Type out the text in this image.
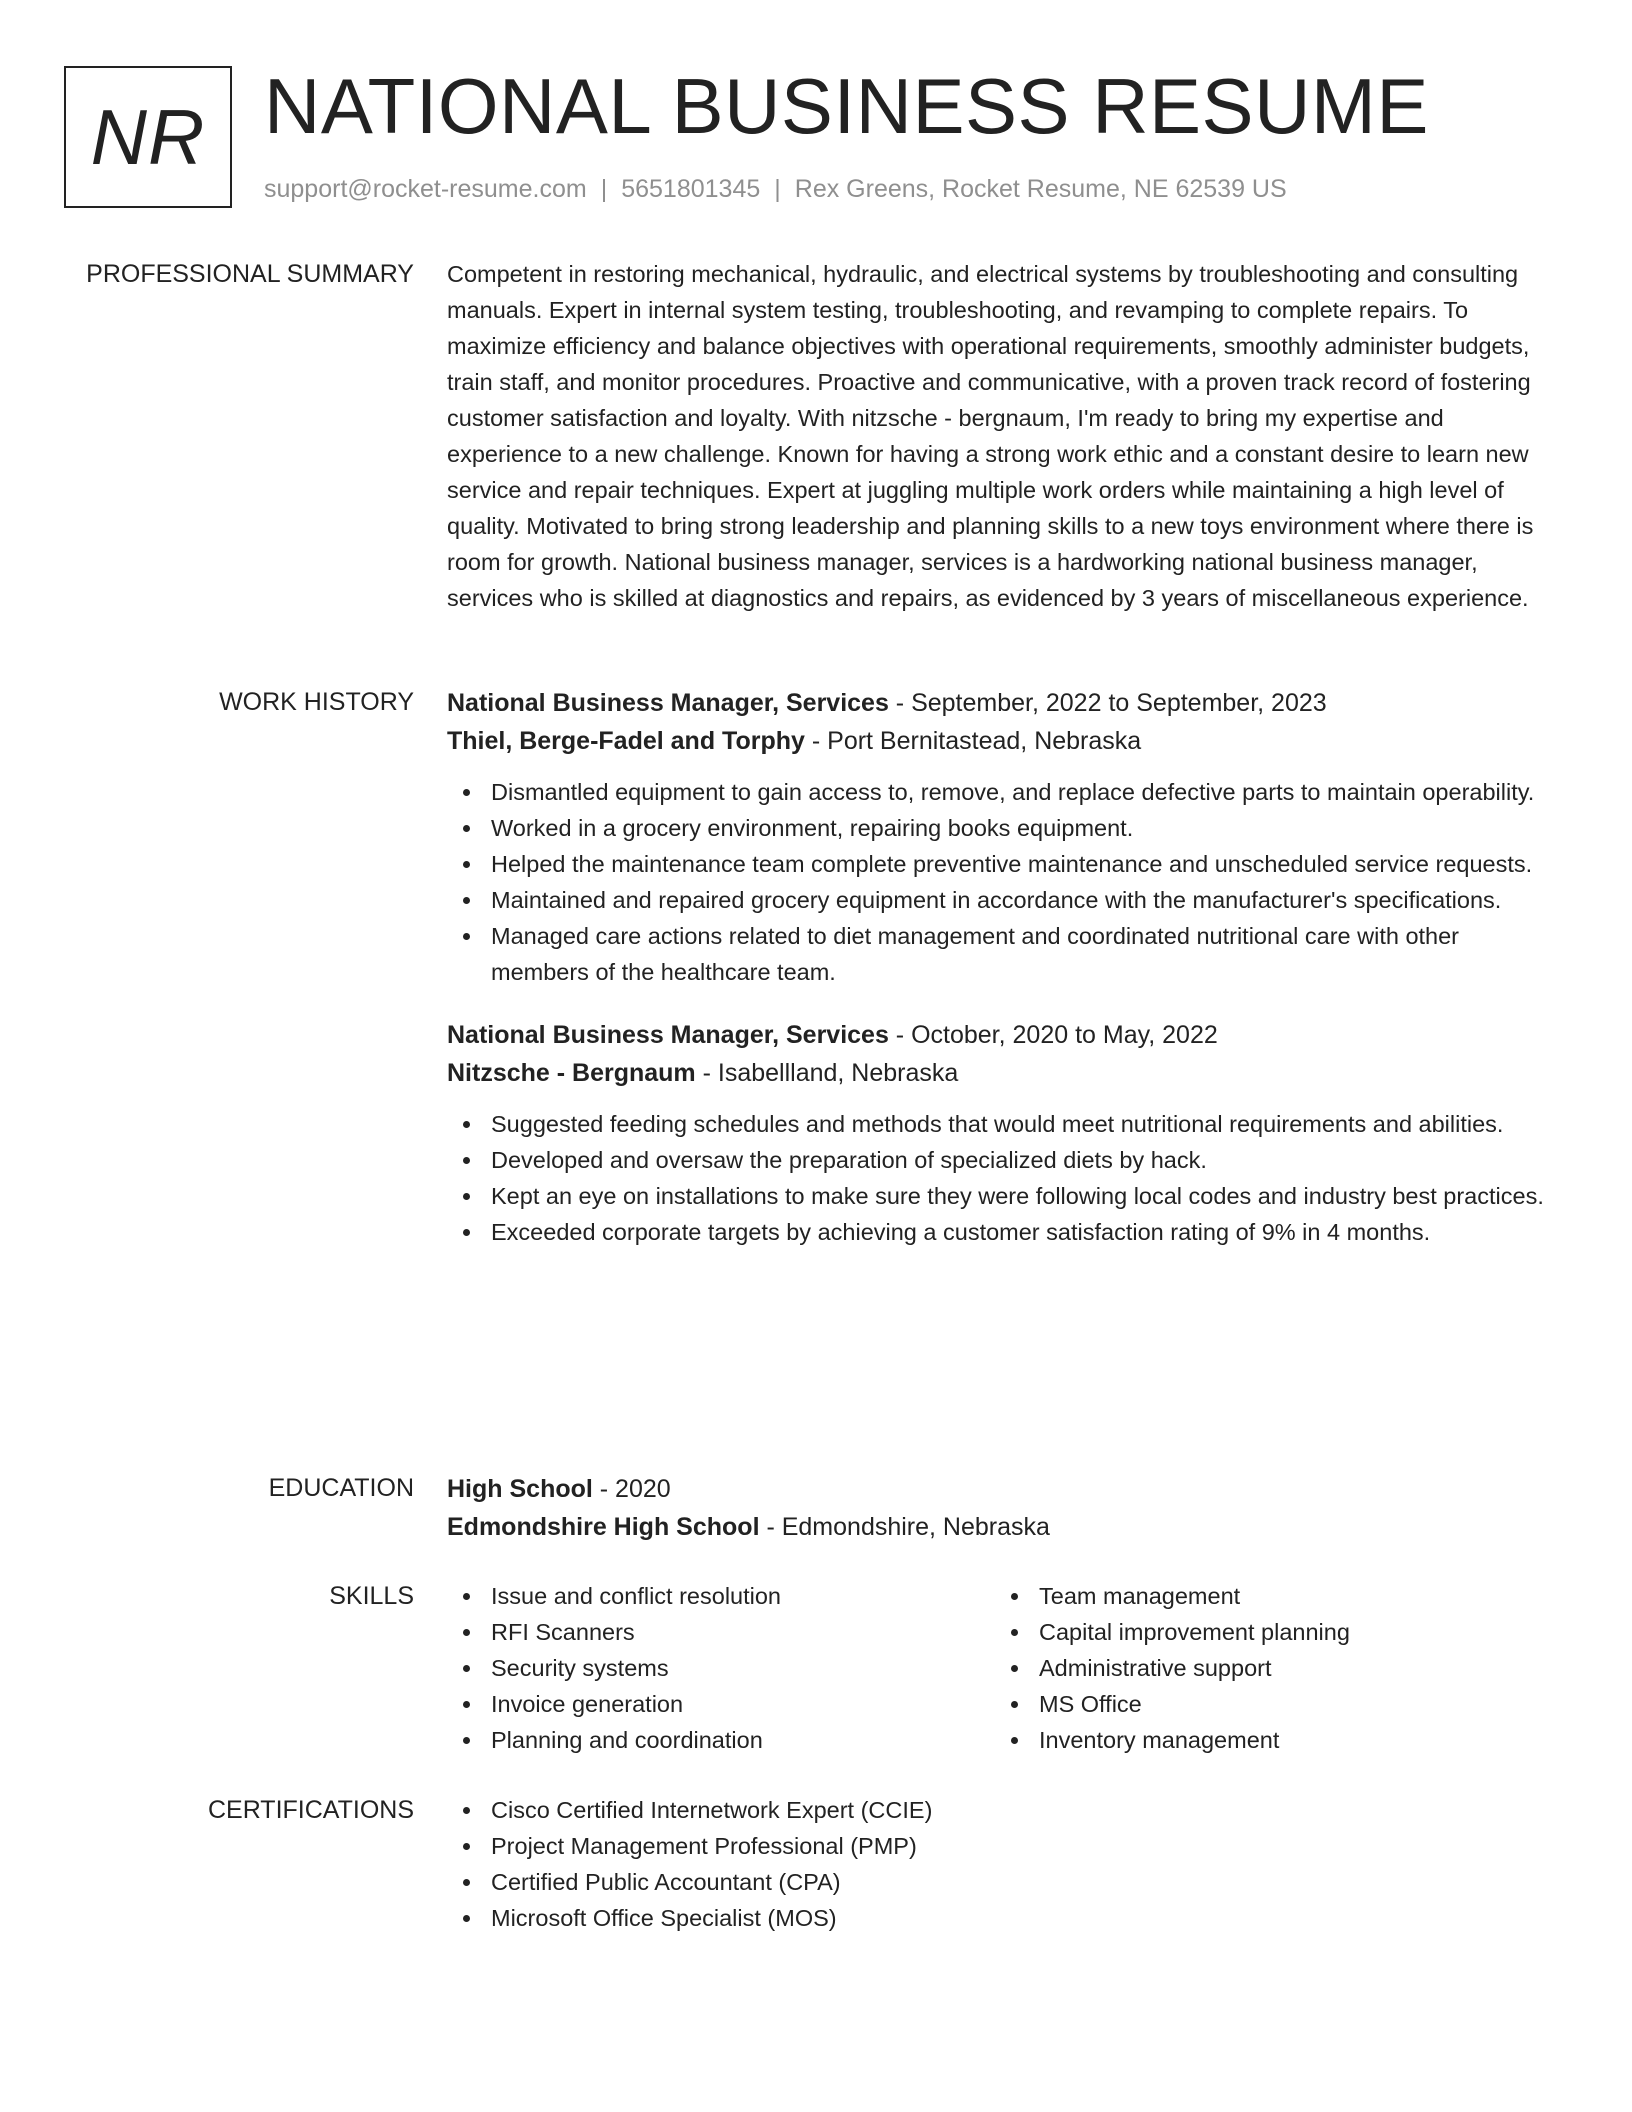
NR NATIONAL BUSINESS RESUME
support@rocket-resume.com | 5651801345 | Rex Greens, Rocket Resume, NE 62539 US
PROFESSIONAL SUMMARY Competent in restoring mechanical, hydraulic, and electrical systems by troubleshooting and consulting manuals. Expert in internal system testing, troubleshooting, and revamping to complete repairs. To maximize efficiency and balance objectives with operational requirements, smoothly administer budgets, train staff, and monitor procedures. Proactive and communicative, with a proven track record of fostering customer satisfaction and loyalty. With nitzsche - bergnaum, I'm ready to bring my expertise and experience to a new challenge. Known for having a strong work ethic and a constant desire to learn new service and repair techniques. Expert at juggling multiple work orders while maintaining a high level of quality. Motivated to bring strong leadership and planning skills to a new toys environment where there is room for growth. National business manager, services is a hardworking national business manager, services who is skilled at diagnostics and repairs, as evidenced by 3 years of miscellaneous experience.
WORK HISTORY National Business Manager, Services - September, 2022 to September, 2023
Thiel, Berge-Fadel and Torphy - Port Bernitastead, Nebraska
Dismantled equipment to gain access to, remove, and replace defective parts to maintain operability.
Worked in a grocery environment, repairing books equipment.
Helped the maintenance team complete preventive maintenance and unscheduled service requests.
Maintained and repaired grocery equipment in accordance with the manufacturer's specifications.
Managed care actions related to diet management and coordinated nutritional care with other members of the healthcare team.
National Business Manager, Services - October, 2020 to May, 2022
Nitzsche - Bergnaum - Isabellland, Nebraska
Suggested feeding schedules and methods that would meet nutritional requirements and abilities.
Developed and oversaw the preparation of specialized diets by hack.
Kept an eye on installations to make sure they were following local codes and industry best practices.
Exceeded corporate targets by achieving a customer satisfaction rating of 9% in 4 months.
EDUCATION High School - 2020
Edmondshire High School - Edmondshire, Nebraska
SKILLS	Issue and conflict resolution
RFI Scanners
Security systems
Invoice generation
Planning and coordination
Team management
Capital improvement planning
Administrative support
MS Office
Inventory management
CERTIFICATIONS	Cisco Certified Internetwork Expert (CCIE)
Project Management Professional (PMP)
Certified Public Accountant (CPA)
Microsoft Office Specialist (MOS)
